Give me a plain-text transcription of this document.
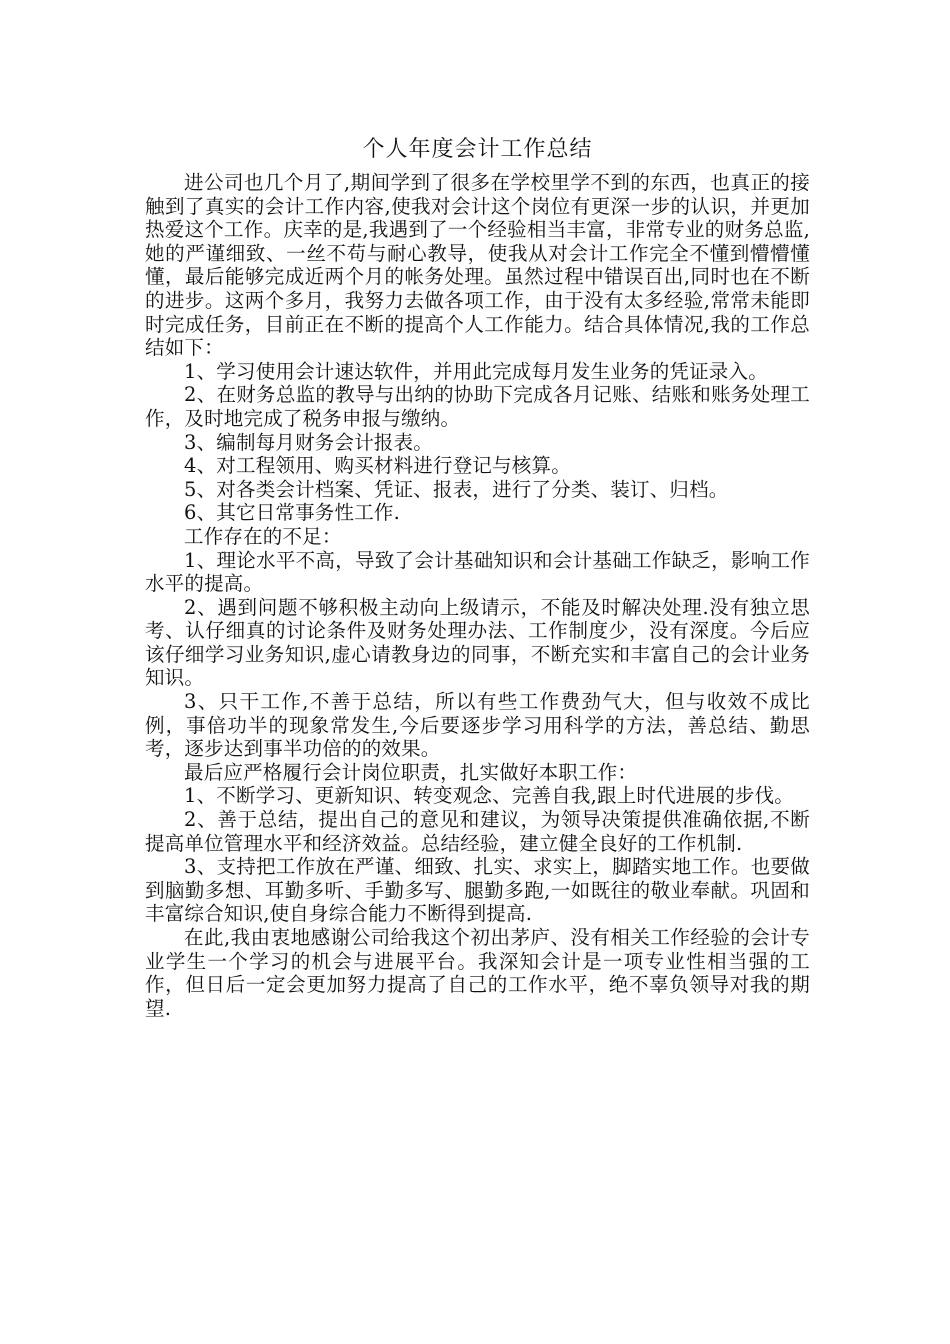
个人年度会计工作总结

进公司也几个月了,期间学到了很多在学校里学不到的东西，也真正的接触到了真实的会计工作内容,使我对会计这个岗位有更深一步的认识，并更加热爱这个工作。庆幸的是,我遇到了一个经验相当丰富，非常专业的财务总监,她的严谨细致、一丝不苟与耐心教导，使我从对会计工作完全不懂到懵懵懂懂，最后能够完成近两个月的帐务处理。虽然过程中错误百出,同时也在不断的进步。这两个多月，我努力去做各项工作，由于没有太多经验,常常未能即时完成任务，目前正在不断的提高个人工作能力。结合具体情况,我的工作总结如下：

1、学习使用会计速达软件，并用此完成每月发生业务的凭证录入。

2、在财务总监的教导与出纳的协助下完成各月记账、结账和账务处理工作，及时地完成了税务申报与缴纳。

3、编制每月财务会计报表。

4、对工程领用、购买材料进行登记与核算。

5、对各类会计档案、凭证、报表，进行了分类、装订、归档。

6、其它日常事务性工作.

工作存在的不足：

1、理论水平不高，导致了会计基础知识和会计基础工作缺乏，影响工作水平的提高。

2、遇到问题不够积极主动向上级请示，不能及时解决处理.没有独立思考、认仔细真的讨论条件及财务处理办法、工作制度少，没有深度。今后应该仔细学习业务知识,虚心请教身边的同事，不断充实和丰富自己的会计业务知识。

3、只干工作,不善于总结，所以有些工作费劲气大，但与收效不成比例，事倍功半的现象常发生,今后要逐步学习用科学的方法，善总结、勤思考，逐步达到事半功倍的的效果。

最后应严格履行会计岗位职责，扎实做好本职工作：

1、不断学习、更新知识、转变观念、完善自我,跟上时代进展的步伐。

2、善于总结，提出自己的意见和建议，为领导决策提供准确依据,不断提高单位管理水平和经济效益。总结经验，建立健全良好的工作机制.

3、支持把工作放在严谨、细致、扎实、求实上，脚踏实地工作。也要做到脑勤多想、耳勤多听、手勤多写、腿勤多跑,一如既往的敬业奉献。巩固和丰富综合知识,使自身综合能力不断得到提高.

在此,我由衷地感谢公司给我这个初出茅庐、没有相关工作经验的会计专业学生一个学习的机会与进展平台。我深知会计是一项专业性相当强的工作，但日后一定会更加努力提高了自己的工作水平，绝不辜负领导对我的期望.
